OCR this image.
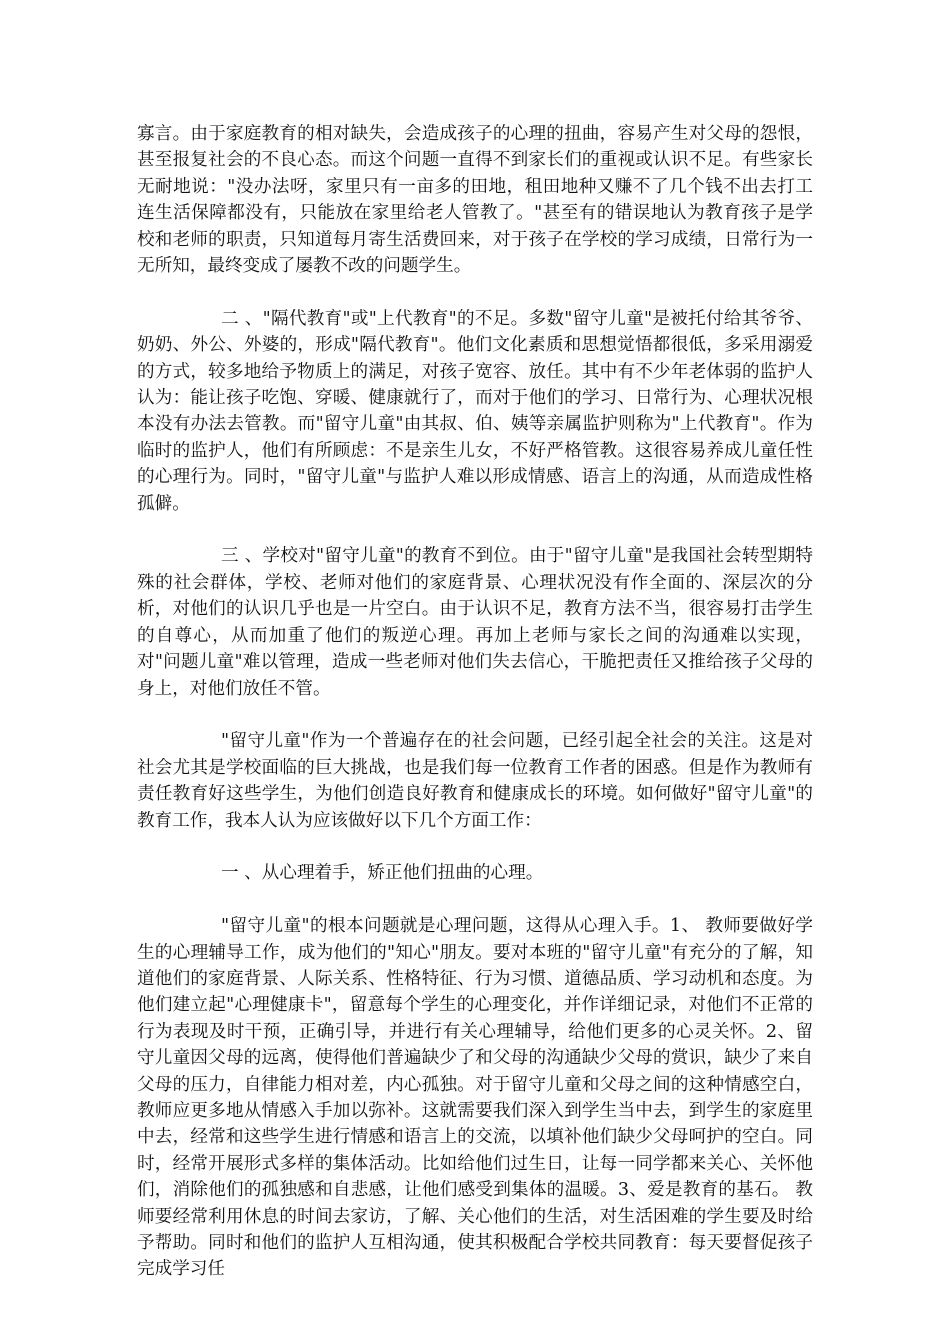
寡言。由于家庭教育的相对缺失，会造成孩子的心理的扭曲，容易产生对父母的怨恨，甚至报复社会的不良心态。而这个问题一直得不到家长们的重视或认识不足。有些家长无耐地说："没办法呀，家里只有一亩多的田地，租田地种又赚不了几个钱不出去打工连生活保障都没有，只能放在家里给老人管教了。"甚至有的错误地认为教育孩子是学校和老师的职责，只知道每月寄生活费回来，对于孩子在学校的学习成绩，日常行为一无所知，最终变成了屡教不改的问题学生。

二 、"隔代教育"或"上代教育"的不足。多数"留守儿童"是被托付给其爷爷、奶奶、外公、外婆的，形成"隔代教育"。他们文化素质和思想觉悟都很低，多采用溺爱的方式，较多地给予物质上的满足，对孩子宽容、放任。其中有不少年老体弱的监护人认为：能让孩子吃饱、穿暖、健康就行了，而对于他们的学习、日常行为、心理状况根本没有办法去管教。而"留守儿童"由其叔、伯、姨等亲属监护则称为"上代教育"。作为临时的监护人，他们有所顾虑：不是亲生儿女，不好严格管教。这很容易养成儿童任性的心理行为。同时，"留守儿童"与监护人难以形成情感、语言上的沟通，从而造成性格孤僻。

三 、学校对"留守儿童"的教育不到位。由于"留守儿童"是我国社会转型期特殊的社会群体，学校、老师对他们的家庭背景、心理状况没有作全面的、深层次的分析，对他们的认识几乎也是一片空白。由于认识不足，教育方法不当，很容易打击学生的自尊心，从而加重了他们的叛逆心理。再加上老师与家长之间的沟通难以实现，对"问题儿童"难以管理，造成一些老师对他们失去信心，干脆把责任又推给孩子父母的身上，对他们放任不管。

"留守儿童"作为一个普遍存在的社会问题，已经引起全社会的关注。这是对社会尤其是学校面临的巨大挑战，也是我们每一位教育工作者的困惑。但是作为教师有责任教育好这些学生，为他们创造良好教育和健康成长的环境。如何做好"留守儿童"的教育工作，我本人认为应该做好以下几个方面工作：

一 、从心理着手，矫正他们扭曲的心理。

"留守儿童"的根本问题就是心理问题，这得从心理入手。1、 教师要做好学生的心理辅导工作，成为他们的"知心"朋友。要对本班的"留守儿童"有充分的了解，知道他们的家庭背景、人际关系、性格特征、行为习惯、道德品质、学习动机和态度。为他们建立起"心理健康卡"，留意每个学生的心理变化，并作详细记录，对他们不正常的行为表现及时干预，正确引导，并进行有关心理辅导，给他们更多的心灵关怀。2、留守儿童因父母的远离，使得他们普遍缺少了和父母的沟通缺少父母的赏识，缺少了来自父母的压力，自律能力相对差，内心孤独。对于留守儿童和父母之间的这种情感空白，教师应更多地从情感入手加以弥补。这就需要我们深入到学生当中去，到学生的家庭里中去，经常和这些学生进行情感和语言上的交流，以填补他们缺少父母呵护的空白。同时，经常开展形式多样的集体活动。比如给他们过生日，让每一同学都来关心、关怀他们，消除他们的孤独感和自悲感，让他们感受到集体的温暖。3、爱是教育的基石。 教师要经常利用休息的时间去家访，了解、关心他们的生活，对生活困难的学生要及时给予帮助。同时和他们的监护人互相沟通，使其积极配合学校共同教育：每天要督促孩子完成学习任
